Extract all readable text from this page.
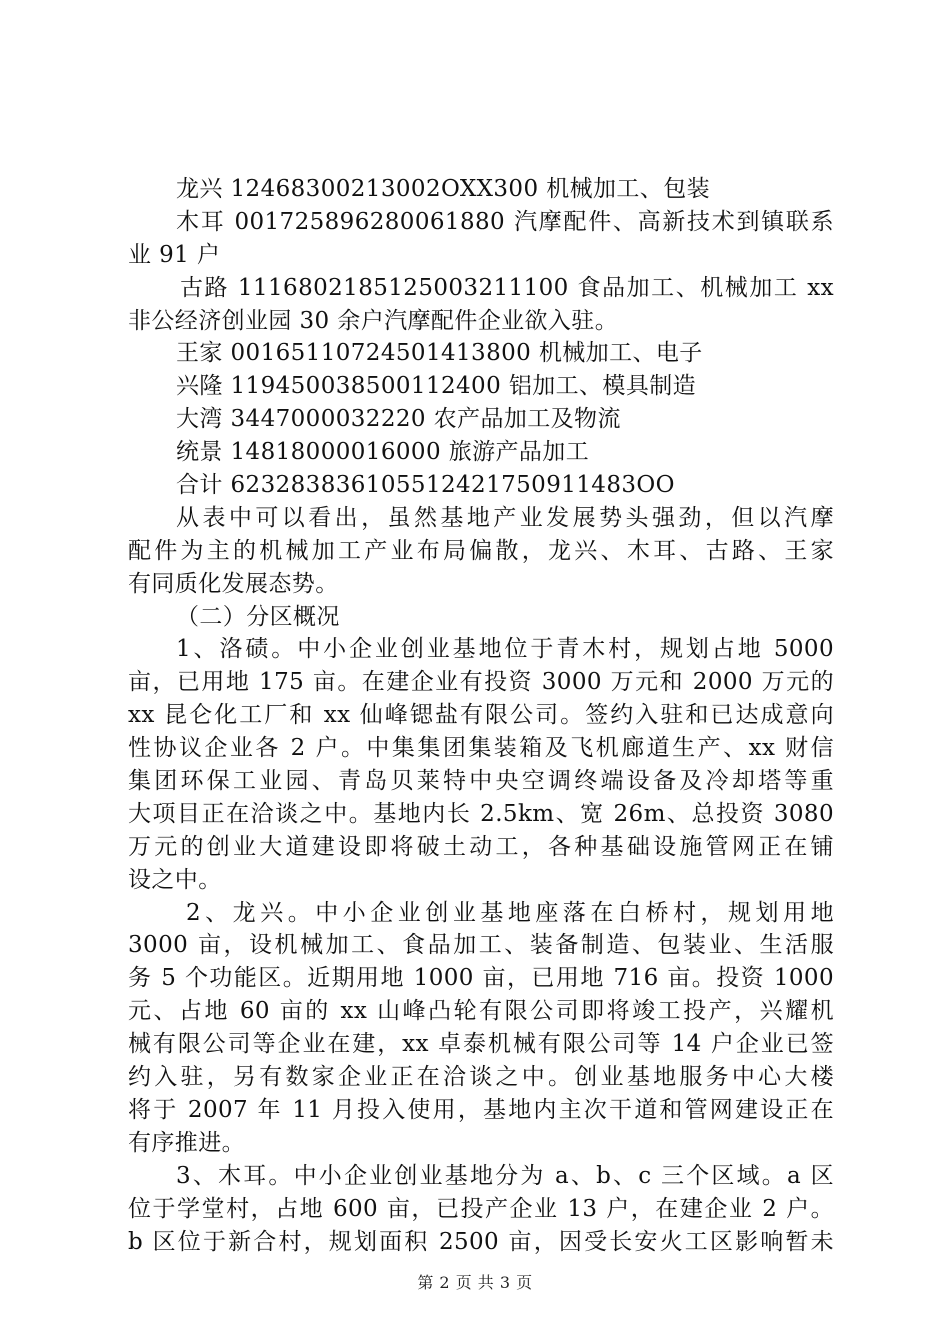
龙兴 12468300213002OXX300 机械加工、包装
木耳 001725896280061880 汽摩配件、高新技术到镇联系
业 91 户
古路 1116802185125003211100 食品加工、机械加工 xx
非公经济创业园 30 余户汽摩配件企业欲入驻。
王家 00165110724501413800 机械加工、电子
兴隆 119450038500112400 铝加工、模具制造
大湾 3447000032220 农产品加工及物流
统景 14818000016000 旅游产品加工
合计 623283836105512421750911483OO
从表中可以看出，虽然基地产业发展势头强劲，但以汽摩
配件为主的机械加工产业布局偏散，龙兴、木耳、古路、王家
有同质化发展态势。
（二）分区概况
1、洛碛。中小企业创业基地位于青木村，规划占地 5000
亩，已用地 175 亩。在建企业有投资 3000 万元和 2000 万元的
xx 昆仑化工厂和 xx 仙峰锶盐有限公司。签约入驻和已达成意向
性协议企业各 2 户。中集集团集装箱及飞机廊道生产、xx 财信
集团环保工业园、青岛贝莱特中央空调终端设备及冷却塔等重
大项目正在洽谈之中。基地内长 2.5km、宽 26m、总投资 3080
万元的创业大道建设即将破土动工，各种基础设施管网正在铺
设之中。
2、龙兴。中小企业创业基地座落在白桥村，规划用地
3000 亩，设机械加工、食品加工、装备制造、包装业、生活服
务 5 个功能区。近期用地 1000 亩，已用地 716 亩。投资 1000
元、占地 60 亩的 xx 山峰凸轮有限公司即将竣工投产，兴耀机
械有限公司等企业在建，xx 卓泰机械有限公司等 14 户企业已签
约入驻，另有数家企业正在洽谈之中。创业基地服务中心大楼
将于 2007 年 11 月投入使用，基地内主次干道和管网建设正在
有序推进。
3、木耳。中小企业创业基地分为 a、b、c 三个区域。a 区
位于学堂村，占地 600 亩，已投产企业 13 户，在建企业 2 户。
b 区位于新合村，规划面积 2500 亩，因受长安火工区影响暂未
第 2 页 共 3 页
